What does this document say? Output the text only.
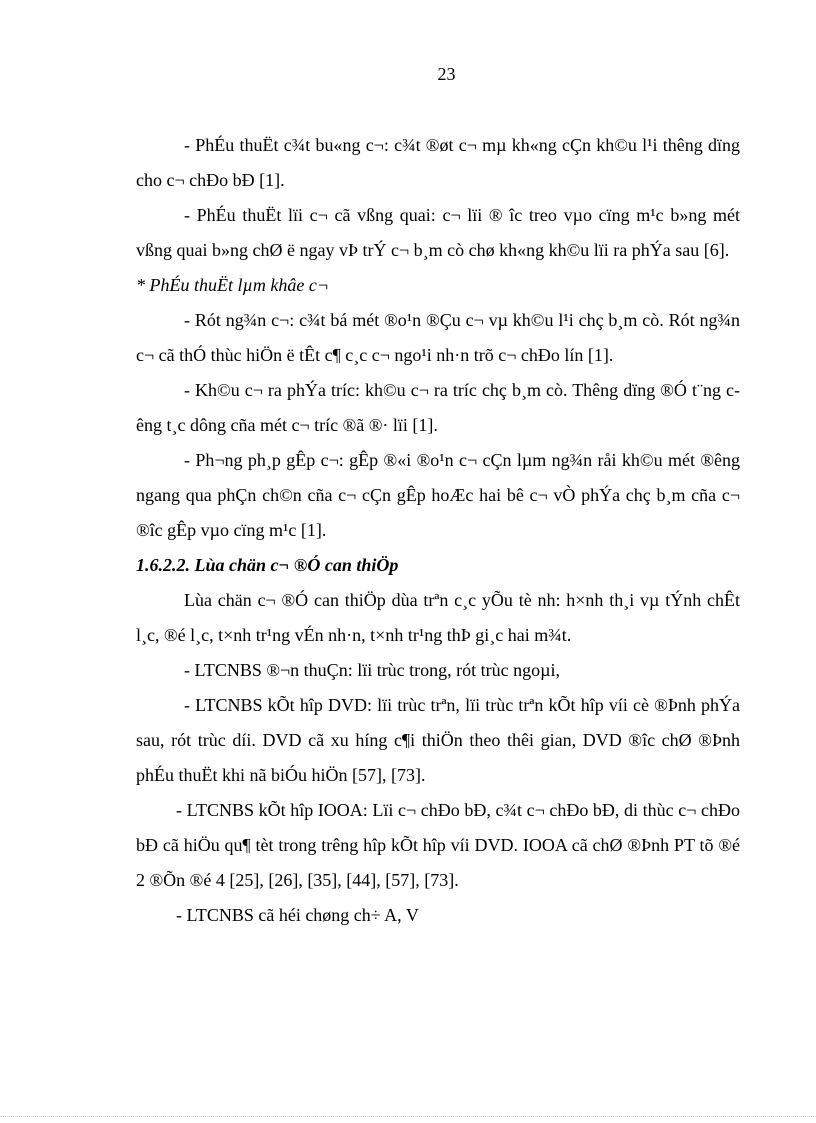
23

- PhÉu thuËt c¾t bu«ng c¬: c¾t ®øt c¬ mµ kh«ng cÇn kh©u l¹i thêng dïng cho c¬ chÐo bÐ [1].

- PhÉu thuËt lïi c¬ cã vßng quai: c¬ lïi ® îc treo vµo cïng m¹c b»ng mét vßng quai b»ng chØ ë ngay vÞ trÝ c¬ b¸m cò chø kh«ng kh©u lïi ra phÝa sau [6].

* PhÉu thuËt lµm khâe c¬

- Rót ng¾n c¬: c¾t bá mét ®o¹n ®Çu c¬ vµ kh©u l¹i chç b¸m cò. Rót ng¾n c¬ cã thÓ thùc hiÖn ë tÊt c¶ c¸c c¬ ngo¹i nh·n trõ c¬ chÐo lín [1].

- Kh©u c¬ ra phÝa tríc: kh©u c¬ ra tríc chç b¸m cò. Thêng dïng ®Ó t¨ng cêng t¸c dông cña mét c¬ tríc ®ã ®· lïi [1].

- Ph¬ng ph¸p gÊp c¬: gÊp ®«i ®o¹n c¬ cÇn lµm ng¾n råi kh©u mét ®êng ngang qua phÇn ch©n cña c¬ cÇn gÊp hoÆc hai bê c¬ vÒ phÝa chç b¸m cña c¬ ®îc gÊp vµo cïng m¹c [1].

1.6.2.2. Lùa chän c¬ ®Ó can thiÖp

Lùa chän c¬ ®Ó can thiÖp dùa trªn c¸c yÕu tè nh: h×nh th¸i vµ tÝnh chÊt l¸c, ®é l¸c, t×nh tr¹ng vÉn nh·n, t×nh tr¹ng thÞ gi¸c hai m¾t.

- LTCNBS ®¬n thuÇn: lïi trùc trong, rót trùc ngoµi,

- LTCNBS kÕt hîp DVD: lïi trùc trªn, lïi trùc trªn kÕt hîp víi cè ®Þnh phÝa sau, rót trùc díi. DVD cã xu híng c¶i thiÖn theo thêi gian, DVD ®îc chØ ®Þnh phÉu thuËt khi nã biÓu hiÖn [57], [73].

- LTCNBS kÕt hîp IOOA: Lïi c¬ chÐo bÐ, c¾t c¬ chÐo bÐ, di thùc c¬ chÐo bÐ cã hiÖu qu¶ tèt trong trêng hîp kÕt hîp víi DVD. IOOA cã chØ ®Þnh PT tõ ®é 2 ®Õn ®é 4 [25], [26], [35], [44], [57], [73].

- LTCNBS cã héi chøng ch÷ A, V
